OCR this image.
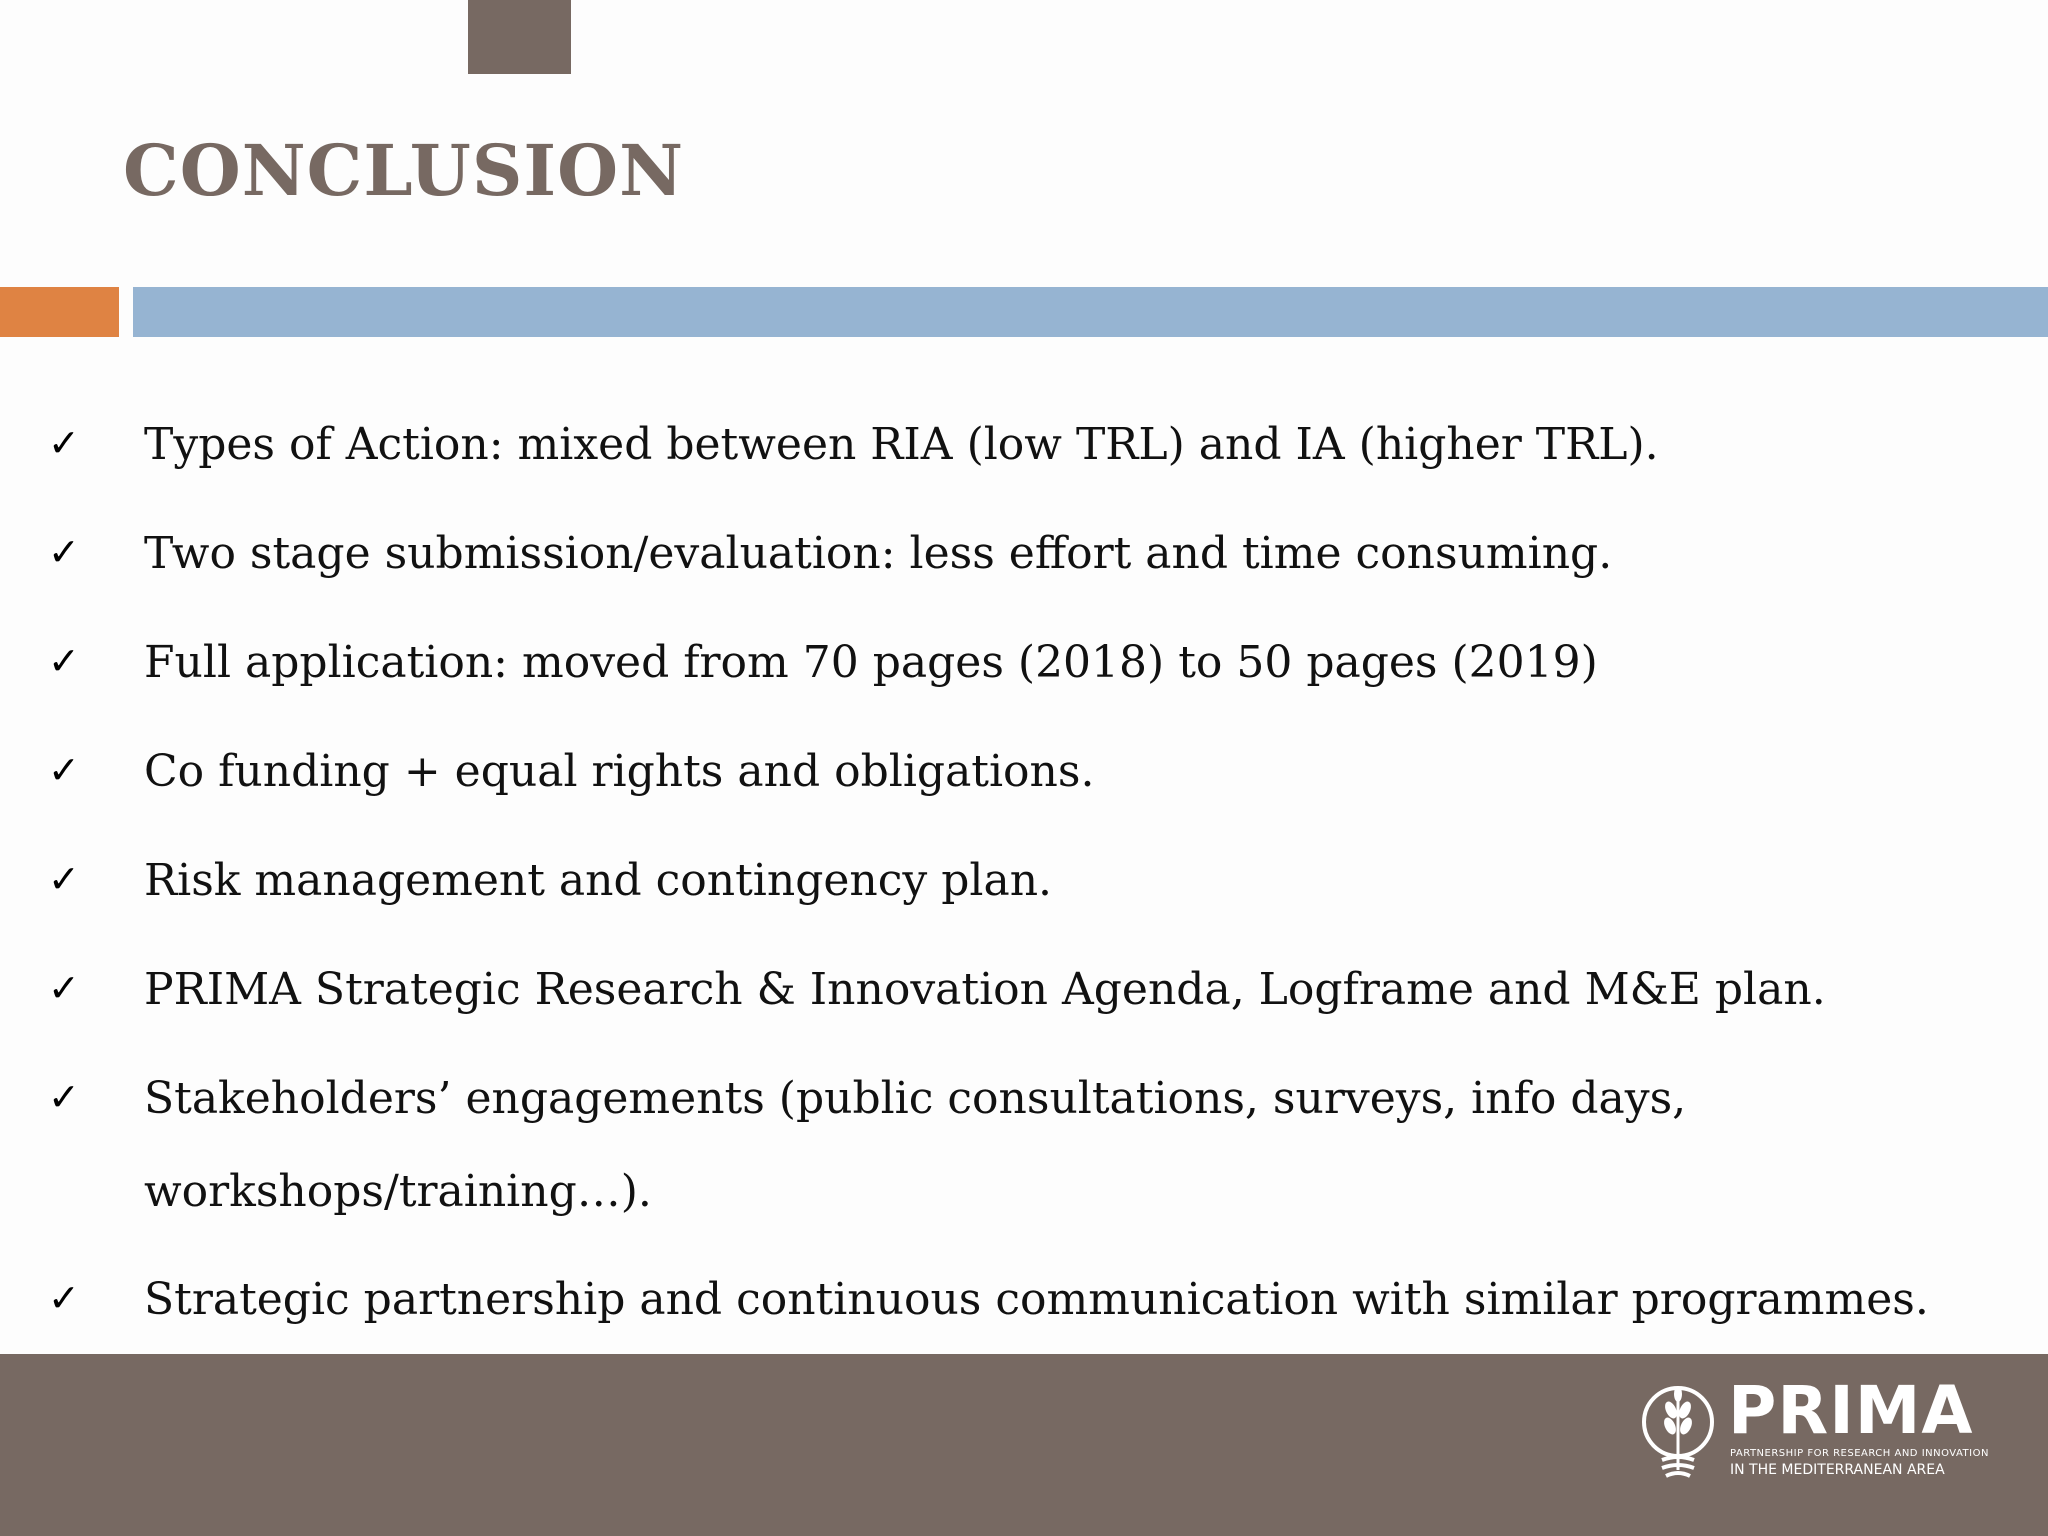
CONCLUSION
✓ Types of Action: mixed between RIA (low TRL) and IA (higher TRL).
✓ Two stage submission/evaluation: less effort and time consuming.
✓ Full application: moved from 70 pages (2018) to 50 pages (2019)
✓ Co funding + equal rights and obligations.
✓ Risk management and contingency plan.
✓ PRIMA Strategic Research & Innovation Agenda, Logframe and M&E plan.
✓ Stakeholders’ engagements (public consultations, surveys, info days,
workshops/training…).
✓ Strategic partnership and continuous communication with similar programmes.
PRIMA
PARTNERSHIP FOR RESEARCH AND INNOVATION
IN THE MEDITERRANEAN AREA
